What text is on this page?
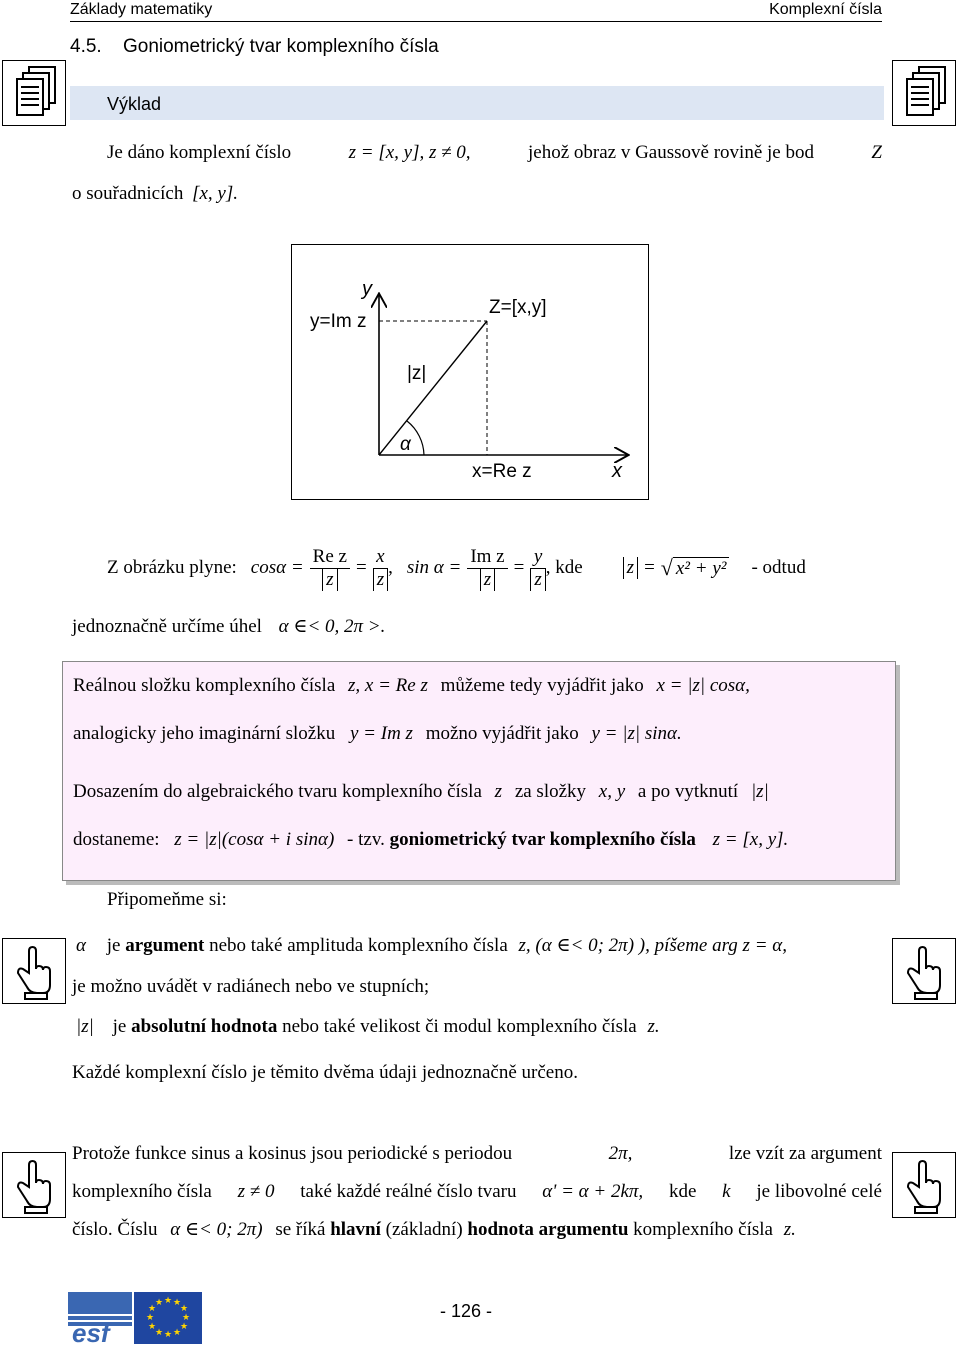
Základy matematiky	Komplexní čísla
4.5. Goniometrický tvar komplexního čísla
Výklad
Je dáno komplexní číslo	z = [x, y], z ≠ 0,	jehož obraz v Gaussově rovině je bod	Z
o souřadnicích [x, y].
y
x
y=Im z
Z=[x,y]
|z|
α
x=Re z
Z obrázku plyne: $\cos\alpha = \frac{\text{Re z}}{z} = \frac{x}{z}$ , $\sin \alpha = \frac{\text{Im z}}{z} = \frac{y}{z}$ , kde z = √ x² + y² - odtud
jednoznačně určíme úhel α ∈< 0, 2π >.
Reálnou složku komplexního čísla z, x = Re z můžeme tedy vyjádřit jako x = |z| cosα,
analogicky jeho imaginární složku y = Im z možno vyjádřit jako y = |z| sinα.
Dosazením do algebraického tvaru komplexního čísla z za složky x, y a po vytknutí |z|
dostaneme: z = |z|(cosα + i sinα) - tzv. goniometrický tvar komplexního čísla z = [x, y].
Připomeňme si:
α je argument nebo také amplituda komplexního čísla z, (α ∈< 0; 2π) ), píšeme arg z = α,
je možno uvádět v radiánech nebo ve stupních;
|z| je absolutní hodnota nebo také velikost či modul komplexního čísla z.
Každé komplexní číslo je těmito dvěma údaji jednoznačně určeno.
Protože funkce sinus a kosinus jsou periodické s periodou	2π,	lze vzít za argument
komplexního čísla z ≠ 0 také každé reálné číslo tvaru α' = α + 2kπ, kde k je libovolné celé
číslo. Číslu α ∈< 0; 2π) se říká hlavní (základní) hodnota argumentu komplexního čísla z.
esf
★ ★
★
★
★
★
★
★
★
★
★
★	- 126 -
